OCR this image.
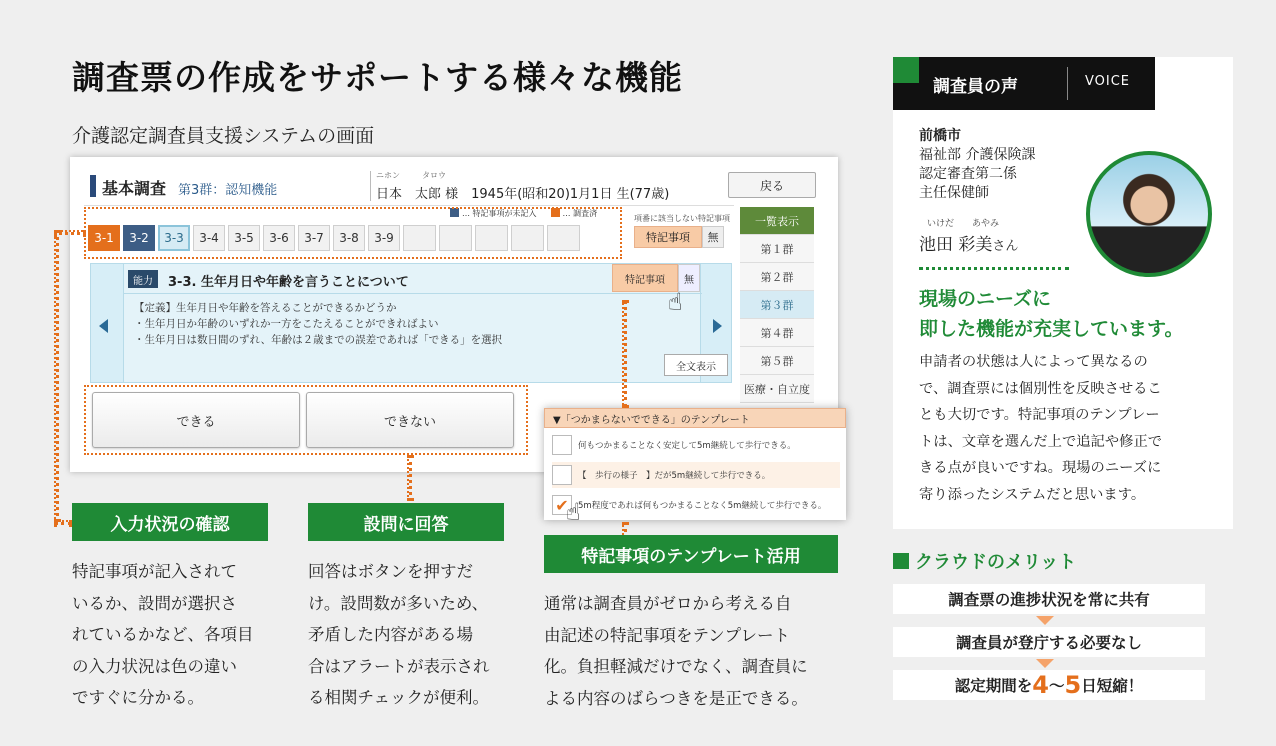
調査票の作成をサポートする様々な機能
介護認定調査員支援システムの画面
基本調査 第3群：認知機能
ニホン	タロウ
日本　太郎 様　1945年(昭和20)1月1日 生(77歳)
戻る
… 特記事項が未記入	… 調査済
3-1	3-2	3-3	3-4	3-5	3-6	3-7	3-8	3-9
項番に該当しない特記事項
特記事項	無
能力	3-3. 生年月日や年齢を言うことについて	特記事項	無
【定義】生年月日や年齢を答えることができるかどうか
・生年月日か年齢のいずれか一方をこたえることができればよい
・生年月日は数日間のずれ、年齢は２歳までの誤差であれば「できる」を選択
全文表示
できる	できない
一覧表示
第１群
第２群
第３群
第４群
第５群
医療・自立度
☝
▼「つかまらないでできる」のテンプレート
何もつかまることなく安定して5m継続して歩行できる。
【　歩行の様子　】だが5m継続して歩行できる。
✔	5m程度であれば何もつかまることなく5m継続して歩行できる。
☝
入力状況の確認
特記事項が記入されて
いるか、設問が選択さ
れているかなど、各項目
の入力状況は色の違い
ですぐに分かる。
設問に回答
回答はボタンを押すだ
け。設問数が多いため、
矛盾した内容がある場
合はアラートが表示され
る相関チェックが便利。
特記事項のテンプレート活用
通常は調査員がゼロから考える自
由記述の特記事項をテンプレート
化。負担軽減だけでなく、調査員に
よる内容のばらつきを是正できる。
調査員の声	VOICE
前橋市
福祉部 介護保険課
認定審査第二係
主任保健師
いけだ あやみ
池田 彩美さん
現場のニーズに
即した機能が充実しています。
申請者の状態は人によって異なるの
で、調査票には個別性を反映させるこ
とも大切です。特記事項のテンプレー
トは、文章を選んだ上で追記や修正で
きる点が良いですね。現場のニーズに
寄り添ったシステムだと思います。
クラウドのメリット
調査票の進捗状況を常に共有
調査員が登庁する必要なし
認定期間を 4 〜 5 日短縮！
